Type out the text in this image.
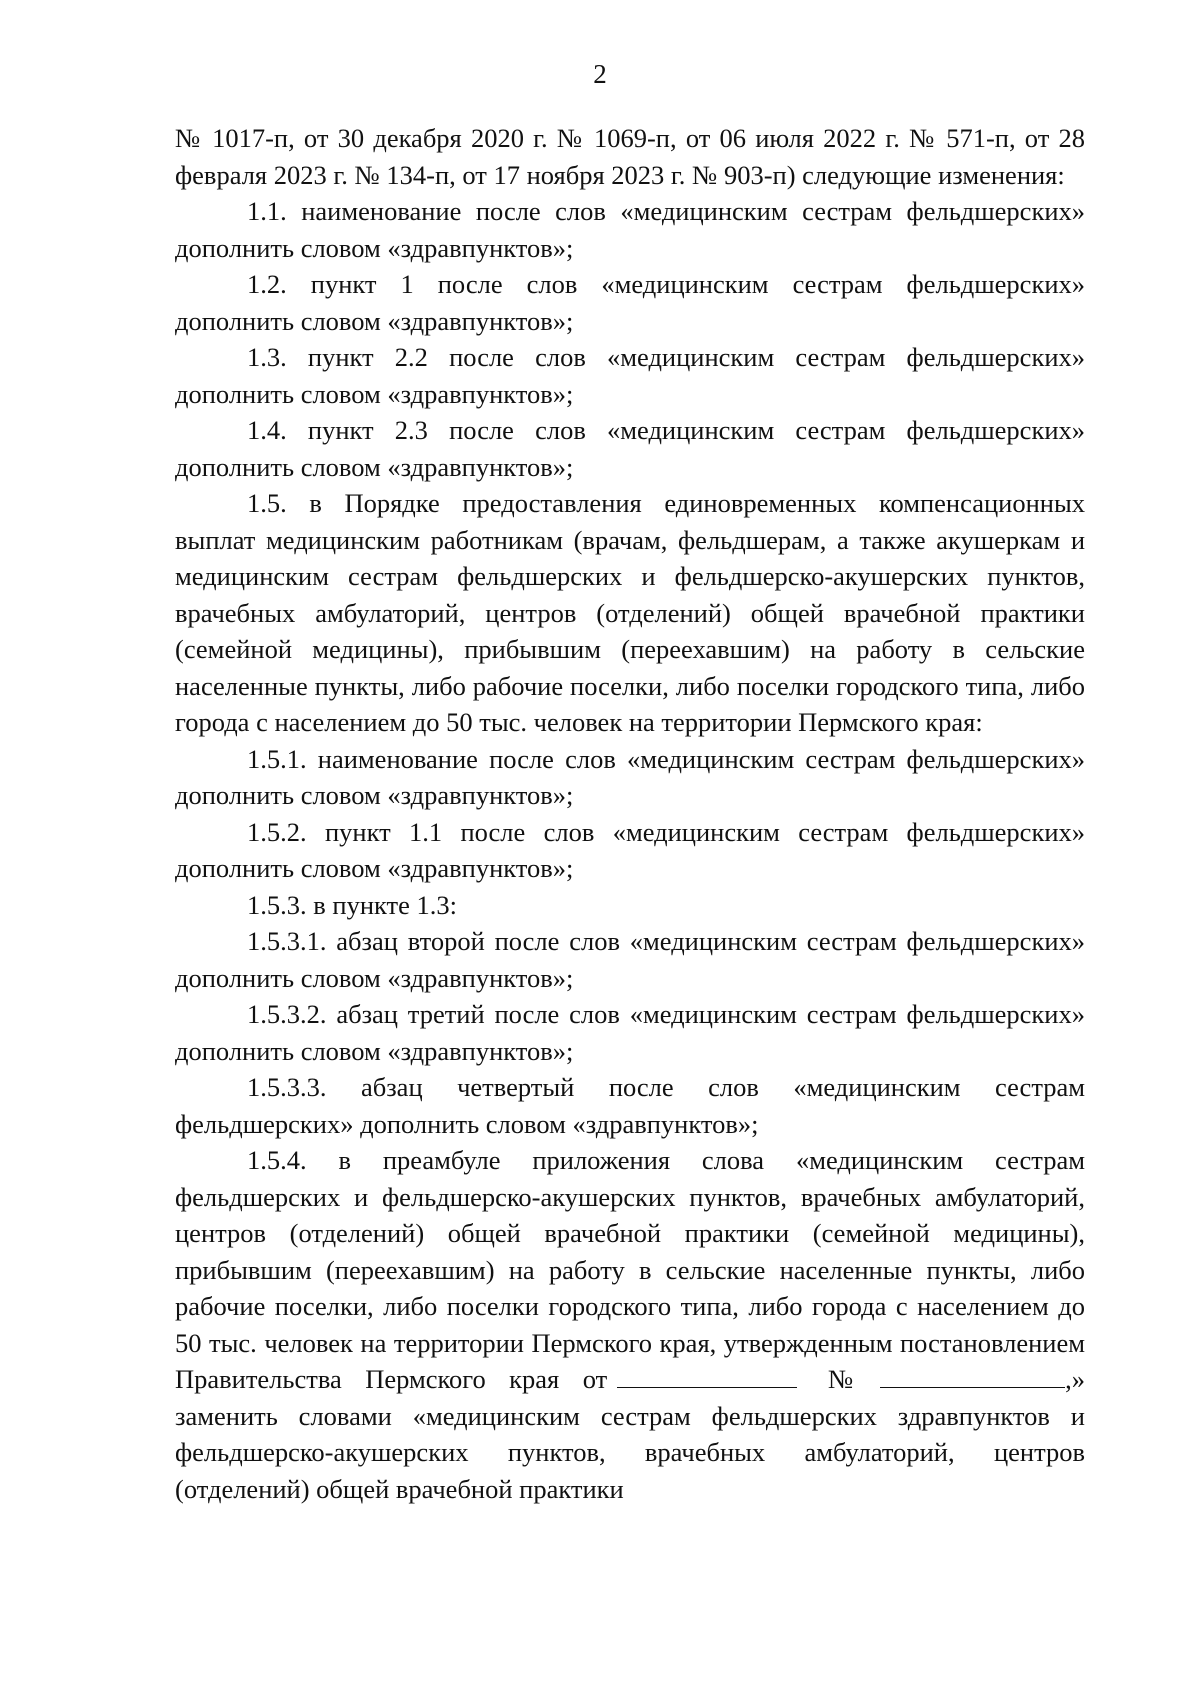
2

№ 1017-п, от 30 декабря 2020 г. № 1069-п, от 06 июля 2022 г. № 571-п, от 28 февраля 2023 г. № 134-п, от 17 ноября 2023 г. № 903-п) следующие изменения:

1.1. наименование после слов «медицинским сестрам фельдшерских» дополнить словом «здравпунктов»;

1.2. пункт 1 после слов «медицинским сестрам фельдшерских» дополнить словом «здравпунктов»;

1.3. пункт 2.2 после слов «медицинским сестрам фельдшерских» дополнить словом «здравпунктов»;

1.4. пункт 2.3 после слов «медицинским сестрам фельдшерских» дополнить словом «здравпунктов»;

1.5. в Порядке предоставления единовременных компенсационных выплат медицинским работникам (врачам, фельдшерам, а также акушеркам и медицинским сестрам фельдшерских и фельдшерско-акушерских пунктов, врачебных амбулаторий, центров (отделений) общей врачебной практики (семейной медицины), прибывшим (переехавшим) на работу в сельские населенные пункты, либо рабочие поселки, либо поселки городского типа, либо города с населением до 50 тыс. человек на территории Пермского края:

1.5.1. наименование после слов «медицинским сестрам фельдшерских» дополнить словом «здравпунктов»;

1.5.2. пункт 1.1 после слов «медицинским сестрам фельдшерских» дополнить словом «здравпунктов»;

1.5.3. в пункте 1.3:

1.5.3.1. абзац второй после слов «медицинским сестрам фельдшерских» дополнить словом «здравпунктов»;

1.5.3.2. абзац третий после слов «медицинским сестрам фельдшерских» дополнить словом «здравпунктов»;

1.5.3.3. абзац четвертый после слов «медицинским сестрам фельдшерских» дополнить словом «здравпунктов»;

1.5.4. в преамбуле приложения слова «медицинским сестрам фельдшерских и фельдшерско-акушерских пунктов, врачебных амбулаторий, центров (отделений) общей врачебной практики (семейной медицины), прибывшим (переехавшим) на работу в сельские населенные пункты, либо рабочие поселки, либо поселки городского типа, либо города с населением до 50 тыс. человек на территории Пермского края, утвержденным постановлением Правительства Пермского края от	№	,» заменить словами «медицинским сестрам фельдшерских здравпунктов и фельдшерско-акушерских пунктов, врачебных амбулаторий, центров (отделений) общей врачебной практики
